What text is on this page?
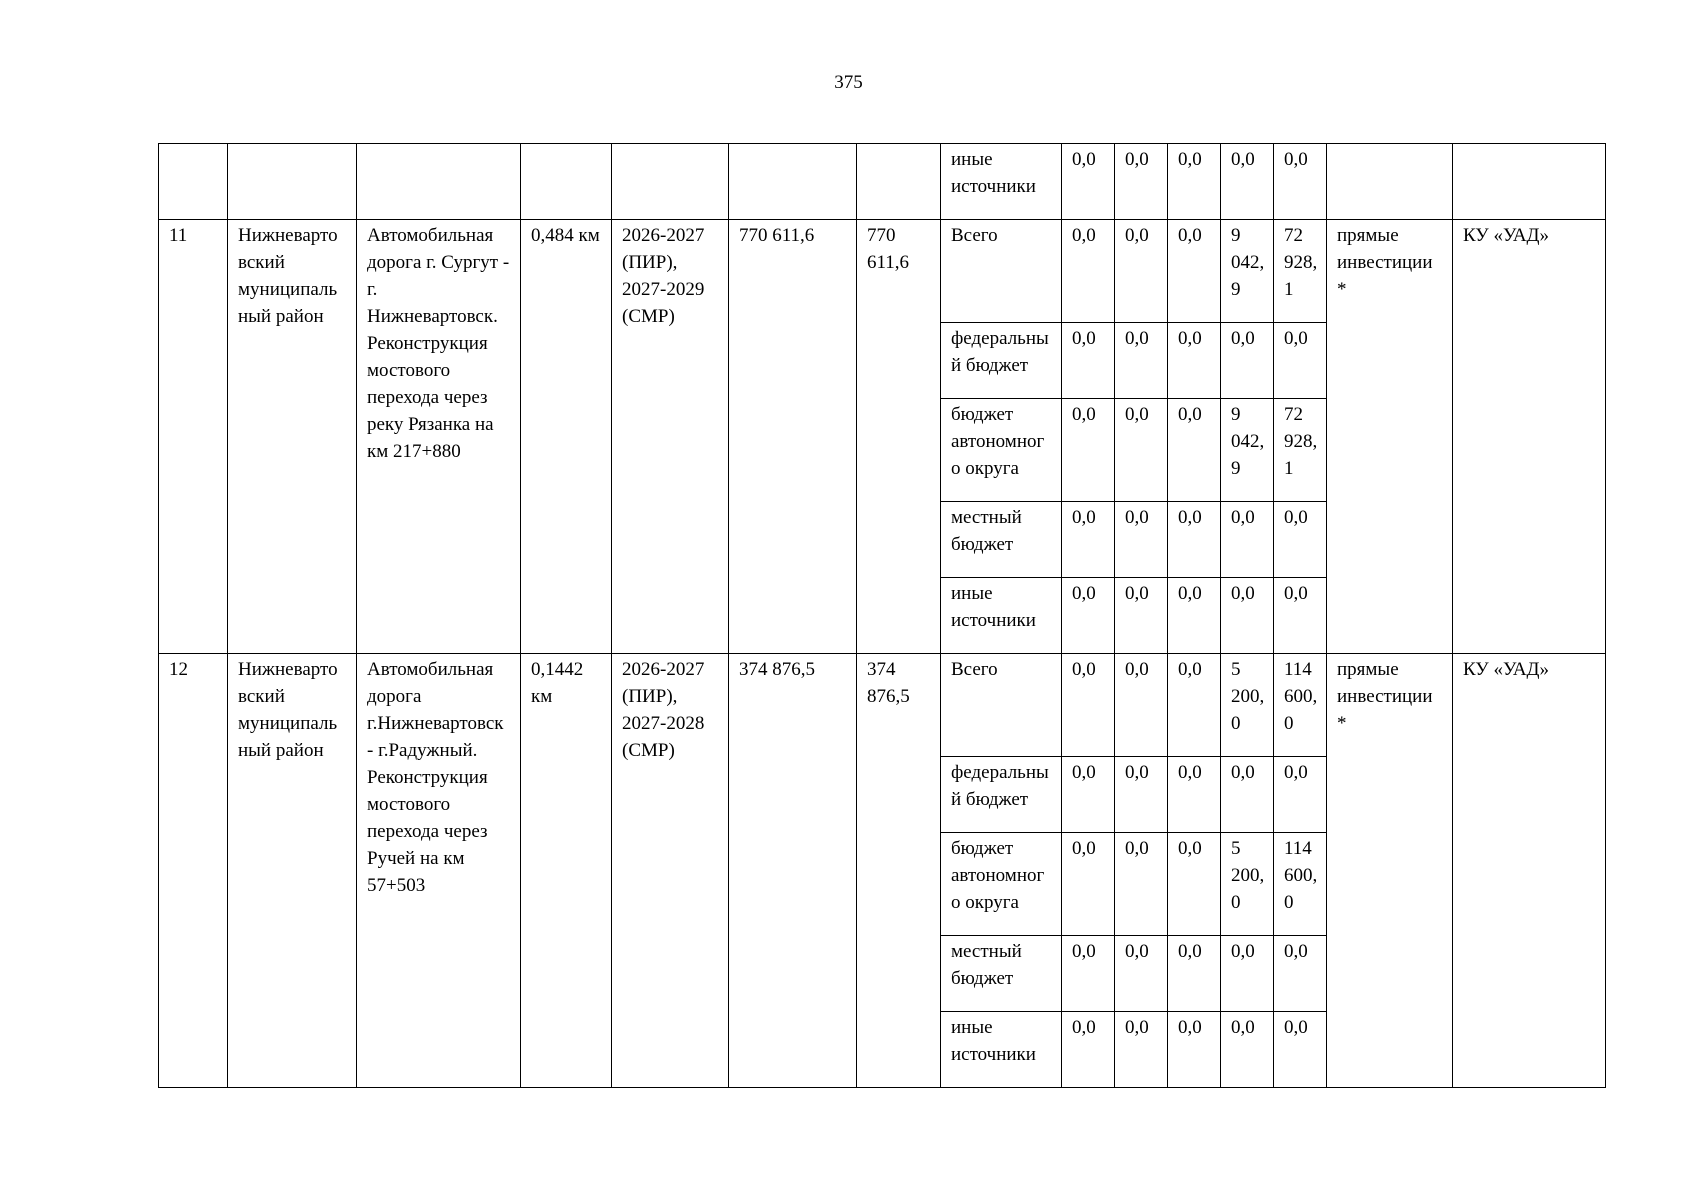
375
							иные источники	0,0	0,0	0,0	0,0	0,0		
11	Нижневартовский муниципальный район	Автомобильная дорога г. Сургут - г. Нижневартовск. Реконструкция мостового перехода через реку Рязанка на км 217+880	0,484 км	2026-2027 (ПИР), 2027-2029 (СМР)	770 611,6	770 611,6	Всего	0,0	0,0	0,0	9 042,9	72 928,1	прямые инвестиции *	КУ «УАД»
							федеральный бюджет	0,0	0,0	0,0	0,0	0,0		
							бюджет автономного округа	0,0	0,0	0,0	9 042,9	72 928,1		
							местный бюджет	0,0	0,0	0,0	0,0	0,0		
							иные источники	0,0	0,0	0,0	0,0	0,0		
12	Нижневартовский муниципальный район	Автомобильная дорога г.Нижневартовск - г.Радужный. Реконструкция мостового перехода через Ручей на км 57+503	0,1442 км	2026-2027 (ПИР), 2027-2028 (СМР)	374 876,5	374 876,5	Всего	0,0	0,0	0,0	5 200,0	114 600,0	прямые инвестиции *	КУ «УАД»
							федеральный бюджет	0,0	0,0	0,0	0,0	0,0		
							бюджет автономного округа	0,0	0,0	0,0	5 200,0	114 600,0		
							местный бюджет	0,0	0,0	0,0	0,0	0,0		
							иные источники	0,0	0,0	0,0	0,0	0,0		
